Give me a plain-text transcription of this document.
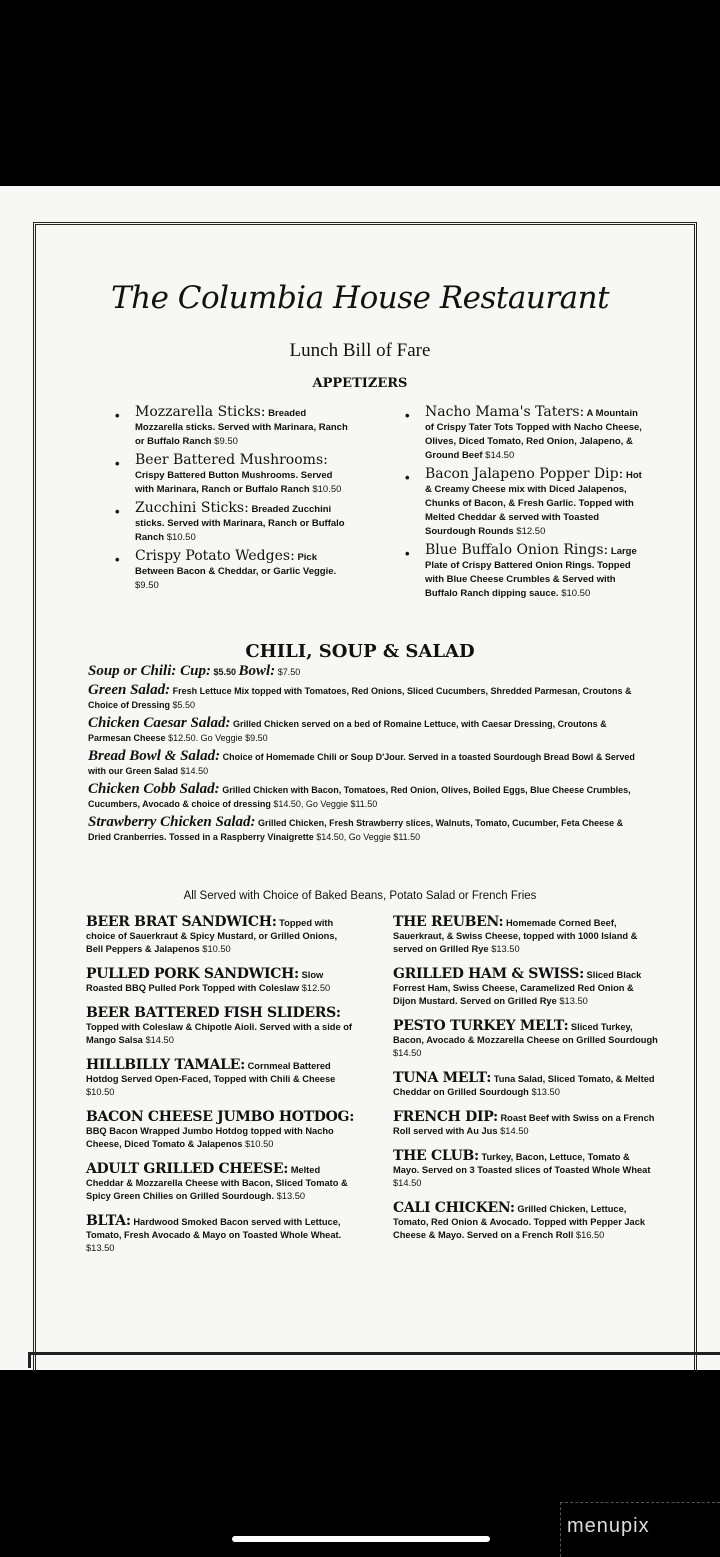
The Columbia House Restaurant
Lunch Bill of Fare
APPETIZERS
• Mozzarella Sticks: Breaded Mozzarella sticks. Served with Marinara, Ranch or Buffalo Ranch $9.50
• Beer Battered Mushrooms: Crispy Battered Button Mushrooms. Served with Marinara, Ranch or Buffalo Ranch $10.50
• Zucchini Sticks: Breaded Zucchini sticks. Served with Marinara, Ranch or Buffalo Ranch $10.50
• Crispy Potato Wedges: Pick Between Bacon & Cheddar, or Garlic Veggie. $9.50
• Nacho Mama's Taters: A Mountain of Crispy Tater Tots Topped with Nacho Cheese, Olives, Diced Tomato, Red Onion, Jalapeno, & Ground Beef $14.50
• Bacon Jalapeno Popper Dip: Hot & Creamy Cheese mix with Diced Jalapenos, Chunks of Bacon, & Fresh Garlic. Topped with Melted Cheddar & served with Toasted Sourdough Rounds $12.50
• Blue Buffalo Onion Rings: Large Plate of Crispy Battered Onion Rings. Topped with Blue Cheese Crumbles & Served with Buffalo Ranch dipping sauce. $10.50
CHILI, SOUP & SALAD
Soup or Chili: Cup: $5.50 Bowl: $7.50
Green Salad: Fresh Lettuce Mix topped with Tomatoes, Red Onions, Sliced Cucumbers, Shredded Parmesan, Croutons & Choice of Dressing $5.50
Chicken Caesar Salad: Grilled Chicken served on a bed of Romaine Lettuce, with Caesar Dressing, Croutons & Parmesan Cheese $12.50. Go Veggie $9.50
Bread Bowl & Salad: Choice of Homemade Chili or Soup D'Jour. Served in a toasted Sourdough Bread Bowl & Served with our Green Salad $14.50
Chicken Cobb Salad: Grilled Chicken with Bacon, Tomatoes, Red Onion, Olives, Boiled Eggs, Blue Cheese Crumbles, Cucumbers, Avocado & choice of dressing $14.50, Go Veggie $11.50
Strawberry Chicken Salad: Grilled Chicken, Fresh Strawberry slices, Walnuts, Tomato, Cucumber, Feta Cheese & Dried Cranberries. Tossed in a Raspberry Vinaigrette $14.50, Go Veggie $11.50
All Served with Choice of Baked Beans, Potato Salad or French Fries
BEER BRAT SANDWICH: Topped with choice of Sauerkraut & Spicy Mustard, or Grilled Onions, Bell Peppers & Jalapenos $10.50
PULLED PORK SANDWICH: Slow Roasted BBQ Pulled Pork Topped with Coleslaw $12.50
BEER BATTERED FISH SLIDERS: Topped with Coleslaw & Chipotle Aioli. Served with a side of Mango Salsa $14.50
HILLBILLY TAMALE: Cornmeal Battered Hotdog Served Open-Faced, Topped with Chili & Cheese $10.50
BACON CHEESE JUMBO HOTDOG: BBQ Bacon Wrapped Jumbo Hotdog topped with Nacho Cheese, Diced Tomato & Jalapenos $10.50
ADULT GRILLED CHEESE: Melted Cheddar & Mozzarella Cheese with Bacon, Sliced Tomato & Spicy Green Chilies on Grilled Sourdough. $13.50
BLTA: Hardwood Smoked Bacon served with Lettuce, Tomato, Fresh Avocado & Mayo on Toasted Whole Wheat. $13.50
THE REUBEN: Homemade Corned Beef, Sauerkraut, & Swiss Cheese, topped with 1000 Island & served on Grilled Rye $13.50
GRILLED HAM & SWISS: Sliced Black Forrest Ham, Swiss Cheese, Caramelized Red Onion & Dijon Mustard. Served on Grilled Rye $13.50
PESTO TURKEY MELT: Sliced Turkey, Bacon, Avocado & Mozzarella Cheese on Grilled Sourdough $14.50
TUNA MELT: Tuna Salad, Sliced Tomato, & Melted Cheddar on Grilled Sourdough $13.50
FRENCH DIP: Roast Beef with Swiss on a French Roll served with Au Jus $14.50
THE CLUB: Turkey, Bacon, Lettuce, Tomato & Mayo. Served on 3 Toasted slices of Toasted Whole Wheat $14.50
CALI CHICKEN: Grilled Chicken, Lettuce, Tomato, Red Onion & Avocado. Topped with Pepper Jack Cheese & Mayo. Served on a French Roll $16.50
menupix
